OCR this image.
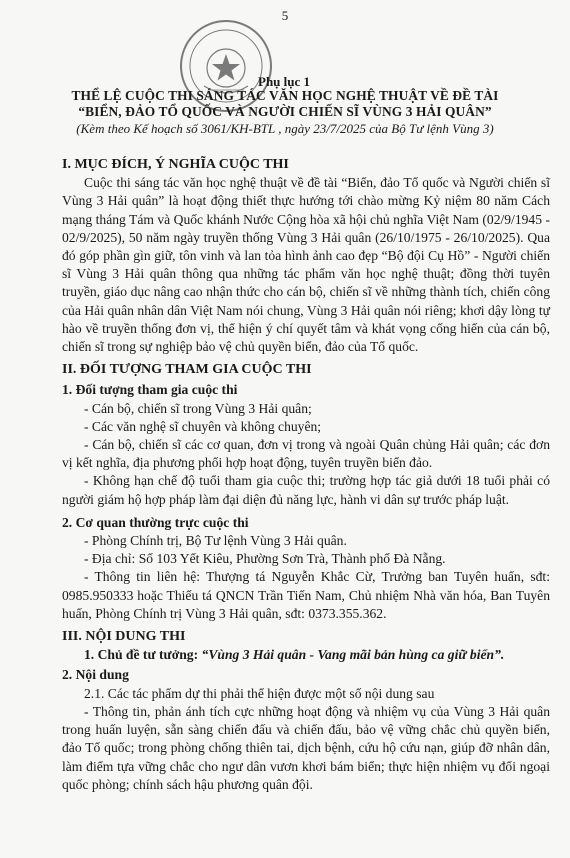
5
Phụ lục 1
THỂ LỆ CUỘC THI SÁNG TÁC VĂN HỌC NGHỆ THUẬT VỀ ĐỀ TÀI
“BIỂN, ĐẢO TỔ QUỐC VÀ NGƯỜI CHIẾN SĨ VÙNG 3 HẢI QUÂN”
(Kèm theo Kế hoạch số 3061/KH-BTL , ngày 23/7/2025 của Bộ Tư lệnh Vùng 3)

I. MỤC ĐÍCH, Ý NGHĨA CUỘC THI

Cuộc thi sáng tác văn học nghệ thuật về đề tài “Biển, đảo Tổ quốc và Người chiến sĩ Vùng 3 Hải quân” là hoạt động thiết thực hướng tới chào mừng Kỷ niệm 80 năm Cách mạng tháng Tám và Quốc khánh Nước Cộng hòa xã hội chủ nghĩa Việt Nam (02/9/1945 - 02/9/2025), 50 năm ngày truyền thống Vùng 3 Hải quân (26/10/1975 - 26/10/2025). Qua đó góp phần gìn giữ, tôn vinh và lan tỏa hình ảnh cao đẹp “Bộ đội Cụ Hồ” - Người chiến sĩ Vùng 3 Hải quân thông qua những tác phẩm văn học nghệ thuật; đồng thời tuyên truyền, giáo dục nâng cao nhận thức cho cán bộ, chiến sĩ về những thành tích, chiến công của Hải quân nhân dân Việt Nam nói chung, Vùng 3 Hải quân nói riêng; khơi dậy lòng tự hào về truyền thống đơn vị, thể hiện ý chí quyết tâm và khát vọng cống hiến của cán bộ, chiến sĩ trong sự nghiệp bảo vệ chủ quyền biển, đảo của Tổ quốc.

II. ĐỐI TƯỢNG THAM GIA CUỘC THI

1. Đối tượng tham gia cuộc thi

- Cán bộ, chiến sĩ trong Vùng 3 Hải quân;

- Các văn nghệ sĩ chuyên và không chuyên;

- Cán bộ, chiến sĩ các cơ quan, đơn vị trong và ngoài Quân chủng Hải quân; các đơn vị kết nghĩa, địa phương phối hợp hoạt động, tuyên truyền biển đảo.

- Không hạn chế độ tuổi tham gia cuộc thi; trường hợp tác giả dưới 18 tuổi phải có người giám hộ hợp pháp làm đại diện đủ năng lực, hành vi dân sự trước pháp luật.

2. Cơ quan thường trực cuộc thi

- Phòng Chính trị, Bộ Tư lệnh Vùng 3 Hải quân.

- Địa chỉ: Số 103 Yết Kiêu, Phường Sơn Trà, Thành phố Đà Nẵng.

- Thông tin liên hệ: Thượng tá Nguyễn Khắc Cừ, Trưởng ban Tuyên huấn, sđt: 0985.950333 hoặc Thiếu tá QNCN Trần Tiến Nam, Chủ nhiệm Nhà văn hóa, Ban Tuyên huấn, Phòng Chính trị Vùng 3 Hải quân, sđt: 0373.355.362.

III. NỘI DUNG THI

1. Chủ đề tư tưởng: “Vùng 3 Hải quân - Vang mãi bản hùng ca giữ biển”.

2. Nội dung

2.1. Các tác phẩm dự thi phải thể hiện được một số nội dung sau

- Thông tin, phản ánh tích cực những hoạt động và nhiệm vụ của Vùng 3 Hải quân trong huấn luyện, sẵn sàng chiến đấu và chiến đấu, bảo vệ vững chắc chủ quyền biển, đảo Tổ quốc; trong phòng chống thiên tai, dịch bệnh, cứu hộ cứu nạn, giúp đỡ nhân dân, làm điểm tựa vững chắc cho ngư dân vươn khơi bám biển; thực hiện nhiệm vụ đối ngoại quốc phòng; chính sách hậu phương quân đội.
